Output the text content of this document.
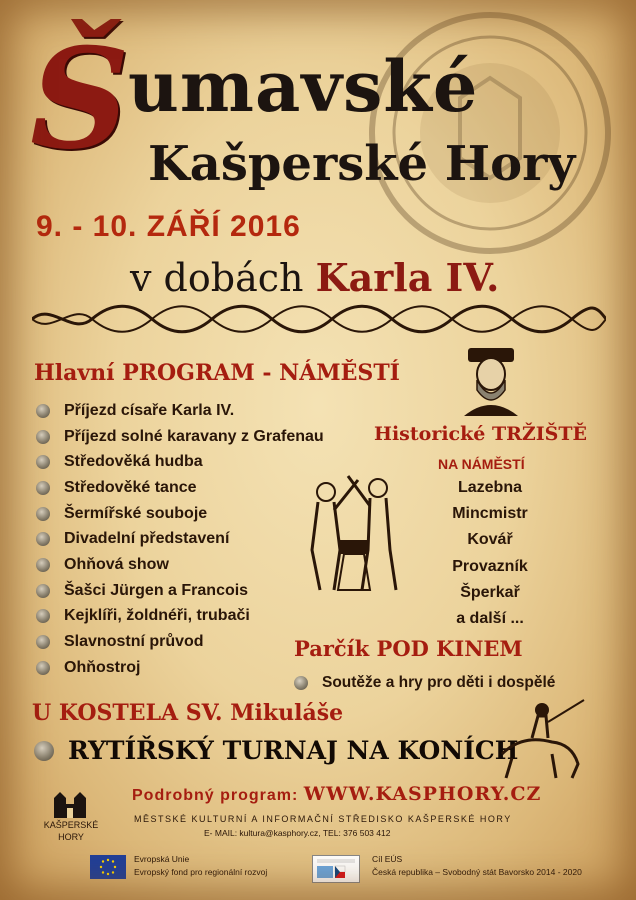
Š
umavské
Kašperské Hory
9. - 10. ZÁŘÍ 2016
v dobách Karla IV.
Hlavní PROGRAM - NÁMĚSTÍ
Příjezd císaře Karla IV.
Příjezd solné karavany z Grafenau
Středověká hudba
Středověké tance
Šermířské souboje
Divadelní představení
Ohňová show
Šašci Jürgen a Francois
Kejklíři, žoldnéři, trubači
Slavnostní průvod
Ohňostroj
Historické TRŽIŠTĚ
NA NÁMĚSTÍ
Lazebna
Mincmistr
Kovář
Provazník
Šperkař
a další ...
Parčík POD KINEM
Soutěže a hry pro děti i dospělé
U KOSTELA SV. Mikuláše
RYTÍŘSKÝ TURNAJ NA KONÍCH
Podrobný program: WWW.KASPHORY.CZ
MĚSTSKÉ KULTURNÍ A INFORMAČNÍ STŘEDISKO KAŠPERSKÉ HORY
E- MAIL: kultura@kasphory.cz, TEL: 376 503 412
KAŠPERSKÉ
HORY
Evropská Unie
Evropský fond pro regionální rozvoj
Cíl EÚS
Česká republika – Svobodný stát Bavorsko 2014 - 2020
